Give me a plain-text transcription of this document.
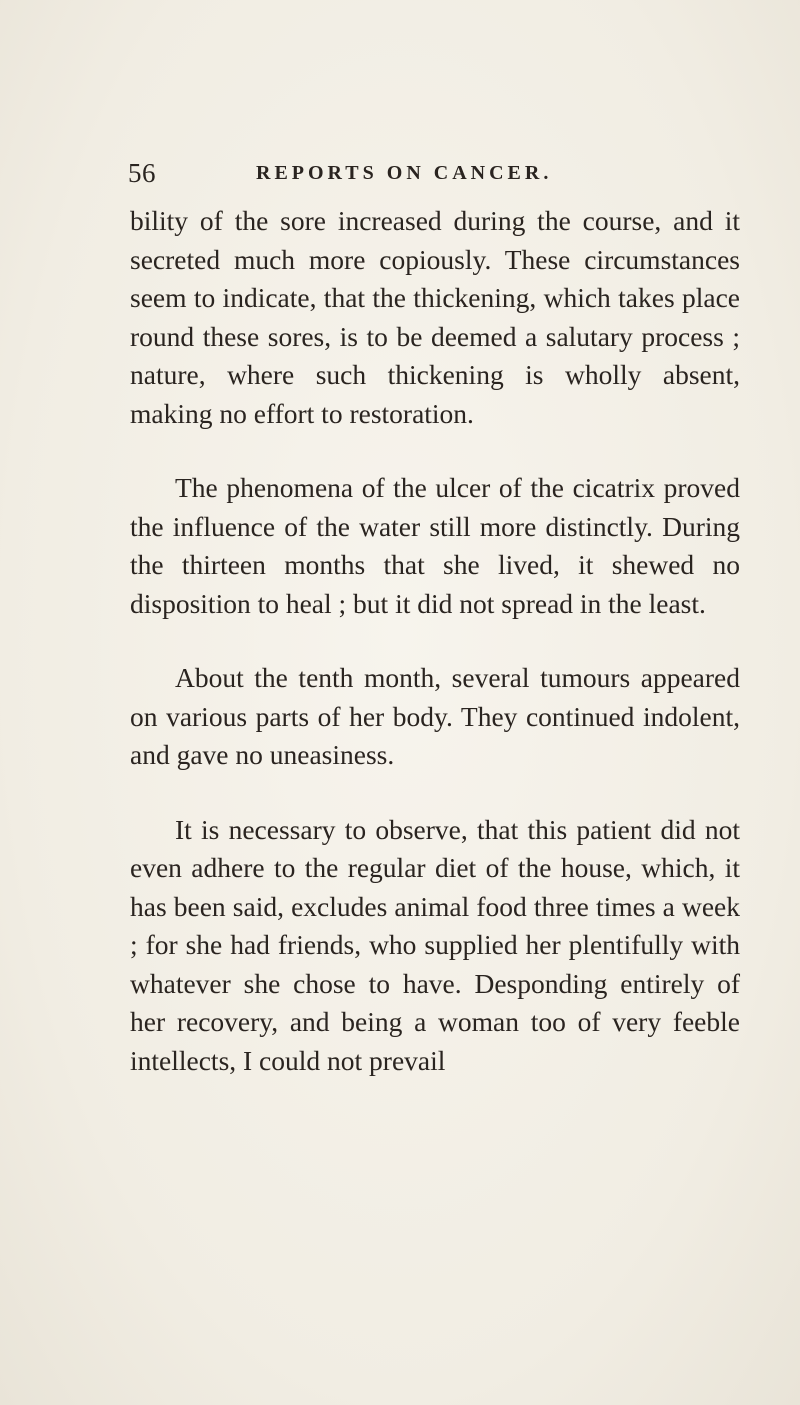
56	REPORTS ON CANCER.

bility of the sore increased during the course, and it secreted much more copiously. These circumstances seem to indicate, that the thickening, which takes place round these sores, is to be deemed a salutary process ; nature, where such thickening is wholly absent, making no effort to restoration.

The phenomena of the ulcer of the cicatrix proved the influence of the water still more distinctly. During the thirteen months that she lived, it shewed no disposition to heal ; but it did not spread in the least.

About the tenth month, several tumours appeared on various parts of her body. They continued indolent, and gave no uneasiness.

It is necessary to observe, that this patient did not even adhere to the regular diet of the house, which, it has been said, excludes animal food three times a week ; for she had friends, who supplied her plentifully with whatever she chose to have. Desponding entirely of her recovery, and being a woman too of very feeble intellects, I could not prevail
